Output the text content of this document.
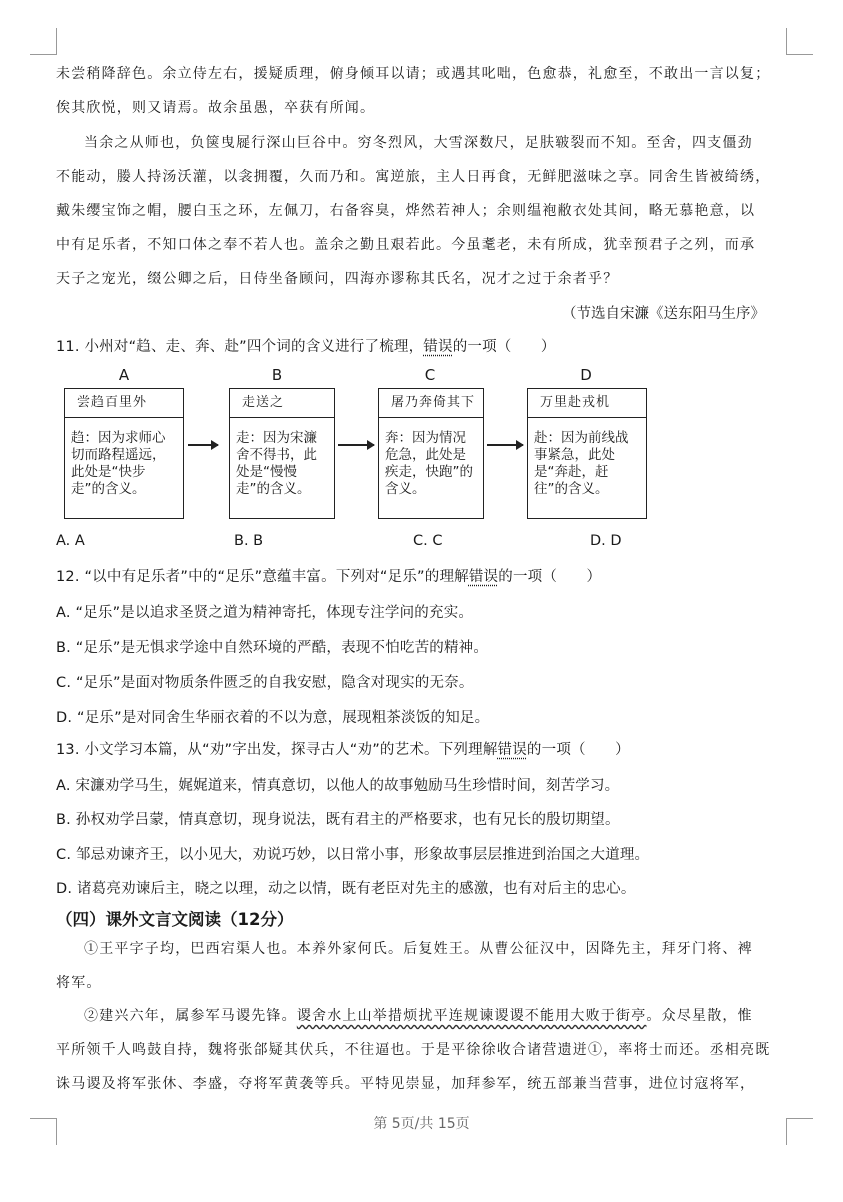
未尝稍降辞色。余立侍左右，援疑质理，俯身倾耳以请；或遇其叱咄，色愈恭，礼愈至，不敢出一言以复；
俟其欣悦，则又请焉。故余虽愚，卒获有所闻。
当余之从师也，负箧曳屣行深山巨谷中。穷冬烈风，大雪深数尺，足肤皲裂而不知。至舍，四支僵劲
不能动，媵人持汤沃灌，以衾拥覆，久而乃和。寓逆旅，主人日再食，无鲜肥滋味之享。同舍生皆被绮绣，
戴朱缨宝饰之帽，腰白玉之环，左佩刀，右备容臭，烨然若神人；余则缊袍敝衣处其间，略无慕艳意，以
中有足乐者，不知口体之奉不若人也。盖余之勤且艰若此。今虽耄老，未有所成，犹幸预君子之列，而承
天子之宠光，缀公卿之后，日侍坐备顾问，四海亦谬称其氏名，况才之过于余者乎？
（节选自宋濂《送东阳马生序》
11. 小州对“趋、走、奔、赴”四个词的含义进行了梳理，错误的一项（　　）
A	B	C	D
尝趋百里外
趋：因为求师心切而路程遥远，此处是“快步走”的含义。
走送之
走：因为宋濂舍不得书，此处是“慢慢走”的含义。
屠乃奔倚其下
奔：因为情况危急，此处是疾走，快跑”的含义。
万里赴戎机
赴：因为前线战事紧急，此处是“奔赴，赶往”的含义。
A. A	B. B	C. C	D. D
12. “以中有足乐者”中的“足乐”意蕴丰富。下列对“足乐”的理解错误的一项（　　）
A. “足乐”是以追求圣贤之道为精神寄托，体现专注学问的充实。
B. “足乐”是无惧求学途中自然环境的严酷，表现不怕吃苦的精神。
C. “足乐”是面对物质条件匮乏的自我安慰，隐含对现实的无奈。
D. “足乐”是对同舍生华丽衣着的不以为意，展现粗茶淡饭的知足。
13. 小文学习本篇，从“劝”字出发，探寻古人“劝”的艺术。下列理解错误的一项（　　）
A. 宋濂劝学马生，娓娓道来，情真意切，以他人的故事勉励马生珍惜时间，刻苦学习。
B. 孙权劝学吕蒙，情真意切，现身说法，既有君主的严格要求，也有兄长的殷切期望。
C. 邹忌劝谏齐王，以小见大，劝说巧妙，以日常小事，形象故事层层推进到治国之大道理。
D. 诸葛亮劝谏后主，晓之以理，动之以情，既有老臣对先主的感激，也有对后主的忠心。
（四）课外文言文阅读（12分）
①王平字子均，巴西宕渠人也。本养外家何氏。后复姓王。从曹公征汉中，因降先主，拜牙门将、裨
将军。
②建兴六年，属参军马谡先锋。谡舍水上山举措烦扰平连规谏谡谡不能用大败于街亭。众尽星散，惟
平所领千人鸣鼓自持，魏将张郃疑其伏兵，不往逼也。于是平徐徐收合诸营遗迸①，率将士而还。丞相亮既
诛马谡及将军张休、李盛，夺将军黄袭等兵。平特见崇显，加拜参军，统五部兼当营事，进位讨寇将军，
第 5页/共 15页
